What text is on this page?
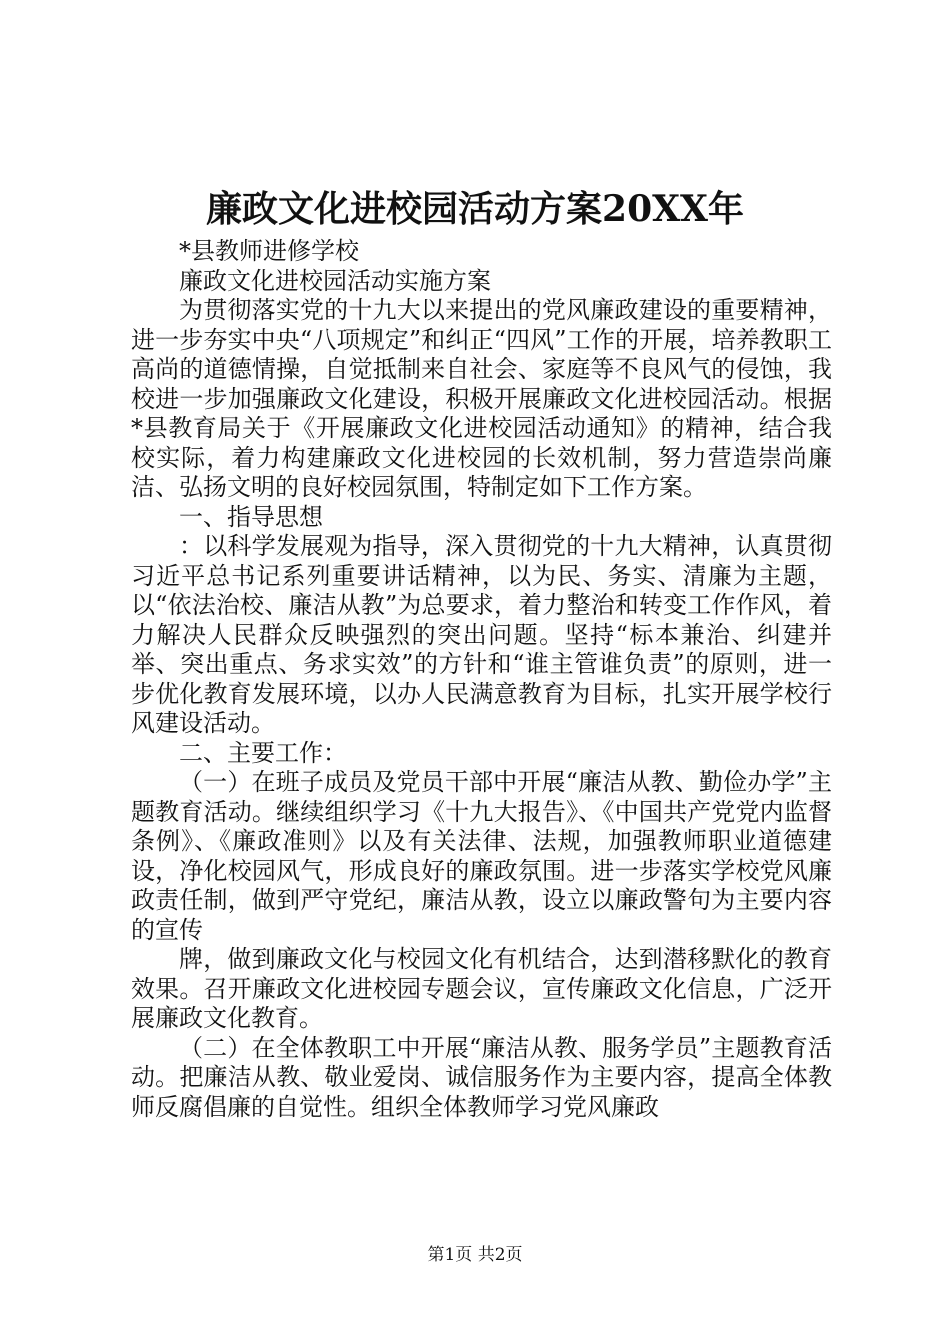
廉政文化进校园活动方案20XX年

*县教师进修学校

廉政文化进校园活动实施方案

为贯彻落实党的十九大以来提出的党风廉政建设的重要精神，进一步夯实中央“八项规定”和纠正“四风”工作的开展，培养教职工高尚的道德情操，自觉抵制来自社会、家庭等不良风气的侵蚀，我校进一步加强廉政文化建设，积极开展廉政文化进校园活动。根据*县教育局关于《开展廉政文化进校园活动通知》的精神，结合我校实际，着力构建廉政文化进校园的长效机制，努力营造崇尚廉洁、弘扬文明的良好校园氛围，特制定如下工作方案。

一、指导思想

：以科学发展观为指导，深入贯彻党的十九大精神，认真贯彻习近平总书记系列重要讲话精神，以为民、务实、清廉为主题，以“依法治校、廉洁从教”为总要求，着力整治和转变工作作风，着力解决人民群众反映强烈的突出问题。坚持“标本兼治、纠建并举、突出重点、务求实效”的方针和“谁主管谁负责”的原则，进一步优化教育发展环境，以办人民满意教育为目标，扎实开展学校行风建设活动。

二、主要工作：

（一）在班子成员及党员干部中开展“廉洁从教、勤俭办学”主题教育活动。继续组织学习《十九大报告》、《中国共产党党内监督条例》、《廉政准则》以及有关法律、法规，加强教师职业道德建设，净化校园风气，形成良好的廉政氛围。进一步落实学校党风廉政责任制，做到严守党纪，廉洁从教，设立以廉政警句为主要内容的宣传

牌，做到廉政文化与校园文化有机结合，达到潜移默化的教育效果。召开廉政文化进校园专题会议，宣传廉政文化信息，广泛开展廉政文化教育。

（二）在全体教职工中开展“廉洁从教、服务学员”主题教育活动。把廉洁从教、敬业爱岗、诚信服务作为主要内容，提高全体教师反腐倡廉的自觉性。组织全体教师学习党风廉政

第1页 共2页
